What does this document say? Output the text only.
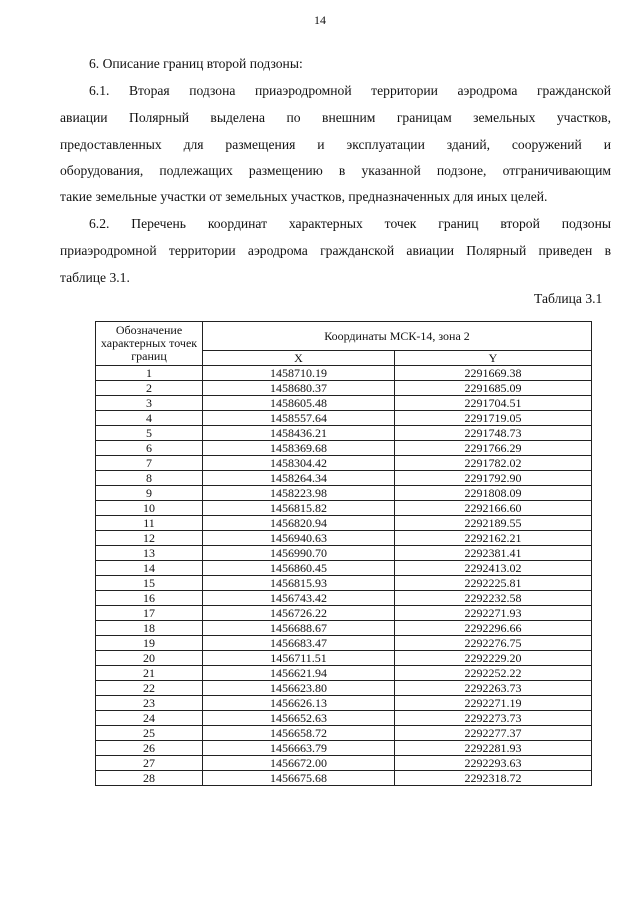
14
6. Описание границ второй подзоны:
6.1. Вторая подзона приаэродромной территории аэродрома гражданской
авиации Полярный выделена по внешним границам земельных участков,
предоставленных для размещения и эксплуатации зданий, сооружений и
оборудования, подлежащих размещению в указанной подзоне, отграничивающим
такие земельные участки от земельных участков, предназначенных для иных целей.
6.2. Перечень координат характерных точек границ второй подзоны
приаэродромной территории аэродрома гражданской авиации Полярный приведен в
таблице 3.1.
Таблица 3.1
Обозначение характерных точек границ	Координаты МСК-14, зона 2	
	X	Y
1	1458710.19	2291669.38
2	1458680.37	2291685.09
3	1458605.48	2291704.51
4	1458557.64	2291719.05
5	1458436.21	2291748.73
6	1458369.68	2291766.29
7	1458304.42	2291782.02
8	1458264.34	2291792.90
9	1458223.98	2291808.09
10	1456815.82	2292166.60
11	1456820.94	2292189.55
12	1456940.63	2292162.21
13	1456990.70	2292381.41
14	1456860.45	2292413.02
15	1456815.93	2292225.81
16	1456743.42	2292232.58
17	1456726.22	2292271.93
18	1456688.67	2292296.66
19	1456683.47	2292276.75
20	1456711.51	2292229.20
21	1456621.94	2292252.22
22	1456623.80	2292263.73
23	1456626.13	2292271.19
24	1456652.63	2292273.73
25	1456658.72	2292277.37
26	1456663.79	2292281.93
27	1456672.00	2292293.63
28	1456675.68	2292318.72
